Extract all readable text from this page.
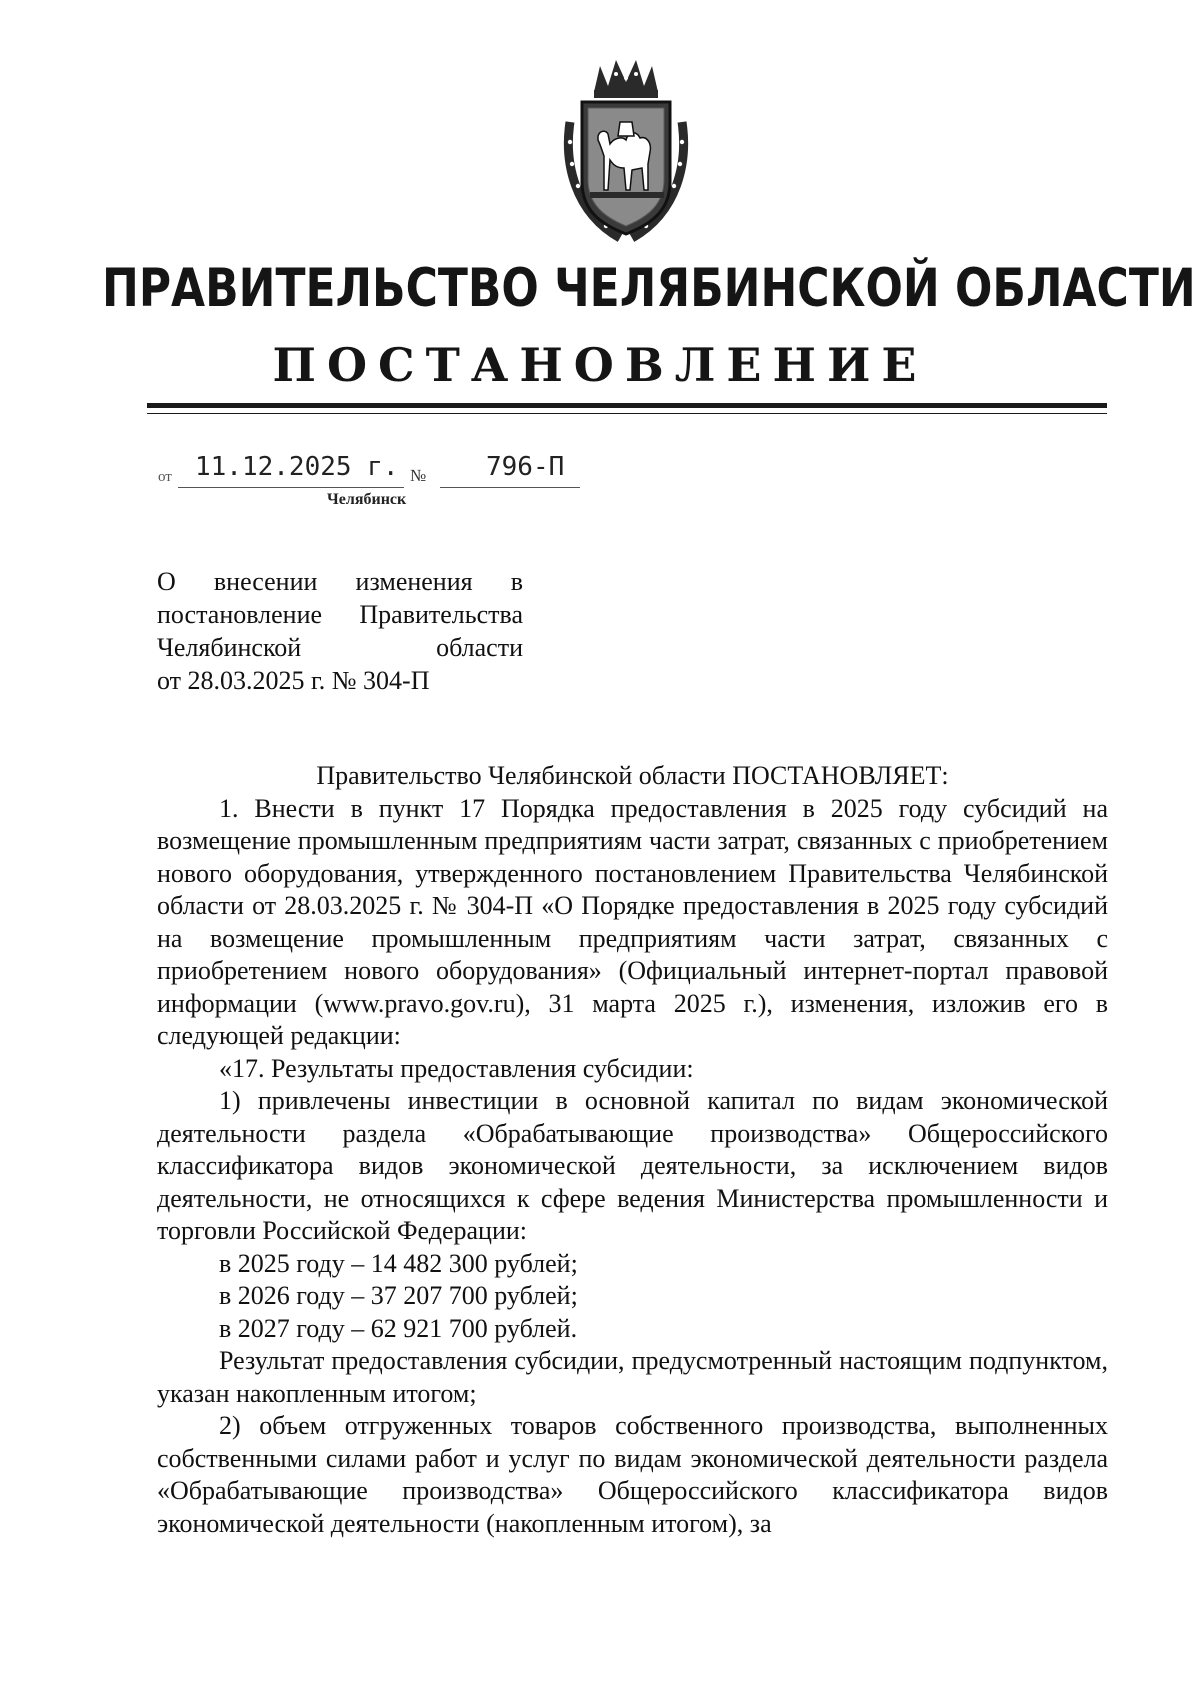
ПРАВИТЕЛЬСТВО ЧЕЛЯБИНСКОЙ ОБЛАСТИ
ПОСТАНОВЛЕНИЕ
от 11.12.2025 г. № 796-П
Челябинск
О внесении изменения в
постановление Правительства
Челябинской области
от 28.03.2025 г. № 304-П

Правительство Челябинской области ПОСТАНОВЛЯЕТ:

1. Внести в пункт 17 Порядка предоставления в 2025 году субсидий на возмещение промышленным предприятиям части затрат, связанных с приобретением нового оборудования, утвержденного постановлением Правительства Челябинской области от 28.03.2025 г. № 304-П «О Порядке предоставления в 2025 году субсидий на возмещение промышленным предприятиям части затрат, связанных с приобретением нового оборудования» (Официальный интернет-портал правовой информации (www.pravo.gov.ru), 31 марта 2025 г.), изменения, изложив его в следующей редакции:

«17. Результаты предоставления субсидии:

1) привлечены инвестиции в основной капитал по видам экономической деятельности раздела «Обрабатывающие производства» Общероссийского классификатора видов экономической деятельности, за исключением видов деятельности, не относящихся к сфере ведения Министерства промышленности и торговли Российской Федерации:

в 2025 году – 14 482 300 рублей;

в 2026 году – 37 207 700 рублей;

в 2027 году – 62 921 700 рублей.

Результат предоставления субсидии, предусмотренный настоящим подпунктом, указан накопленным итогом;

2) объем отгруженных товаров собственного производства, выполненных собственными силами работ и услуг по видам экономической деятельности раздела «Обрабатывающие производства» Общероссийского классификатора видов экономической деятельности (накопленным итогом), за
